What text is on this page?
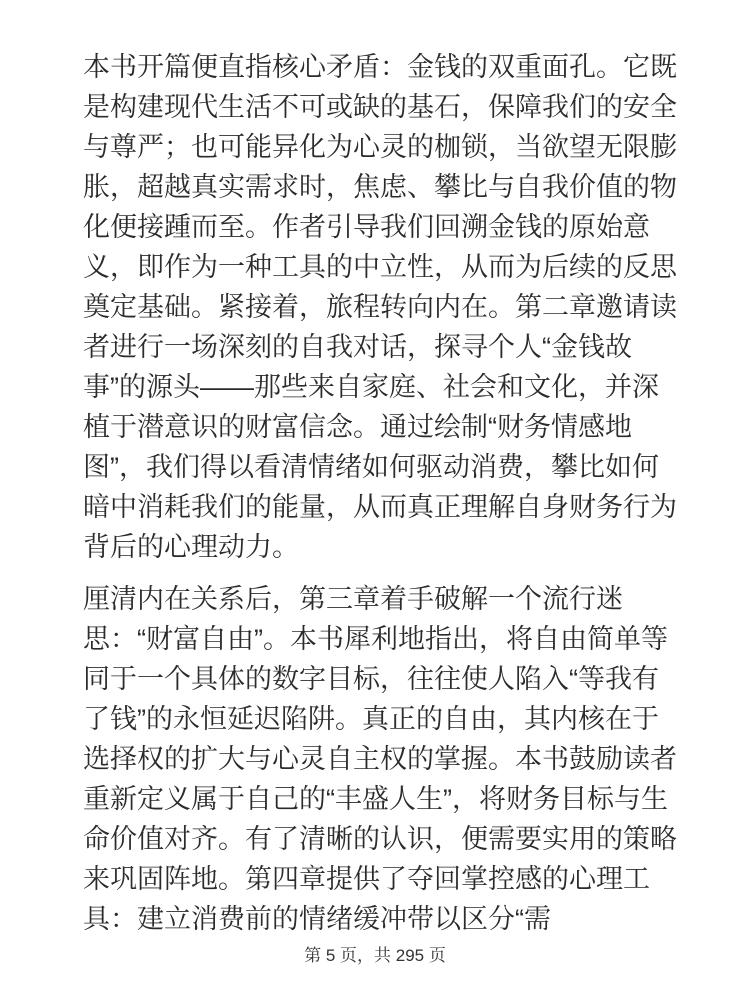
本书开篇便直指核心矛盾：金钱的双重面孔。它既是构建现代生活不可或缺的基石，保障我们的安全与尊严；也可能异化为心灵的枷锁，当欲望无限膨胀，超越真实需求时，焦虑、攀比与自我价值的物化便接踵而至。作者引导我们回溯金钱的原始意义，即作为一种工具的中立性，从而为后续的反思奠定基础。紧接着，旅程转向内在。第二章邀请读者进行一场深刻的自我对话，探寻个人“金钱故事”的源头——那些来自家庭、社会和文化，并深植于潜意识的财富信念。通过绘制“财务情感地图”，我们得以看清情绪如何驱动消费，攀比如何暗中消耗我们的能量，从而真正理解自身财务行为背后的心理动力。

厘清内在关系后，第三章着手破解一个流行迷思：“财富自由”。本书犀利地指出，将自由简单等同于一个具体的数字目标，往往使人陷入“等我有了钱”的永恒延迟陷阱。真正的自由，其内核在于选择权的扩大与心灵自主权的掌握。本书鼓励读者重新定义属于自己的“丰盛人生”，将财务目标与生命价值对齐。有了清晰的认识，便需要实用的策略来巩固阵地。第四章提供了夺回掌控感的心理工具：建立消费前的情绪缓冲带以区分“需

第 5 页，共 295 页
